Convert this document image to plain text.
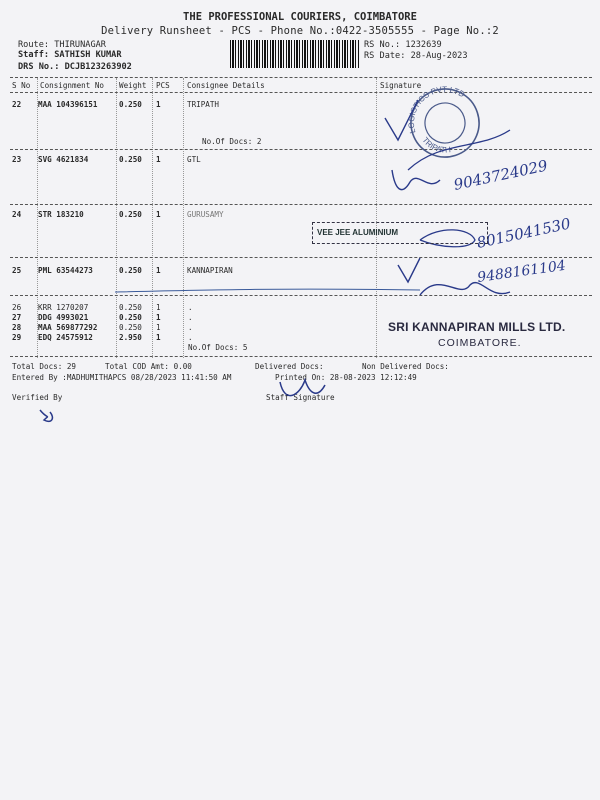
THE PROFESSIONAL COURIERS, COIMBATORE
Delivery Runsheet - PCS - Phone No.:0422-3505555 - Page No.:2
Route: THIRUNAGAR
Staff: SATHISH KUMAR
DRS No.: DCJB123263902
RS No.: 1232639
RS Date: 28-Aug-2023
S No Consignment No Weight PCS Consignee Details	Signature
22 MAA 104396151	0.250 1	TRIPATH
No.Of Docs: 2
23 SVG 4621834	0.250 1	GTL
24 STR 183210	0.250 1	GURUSAMY
25 PML 63544273	0.250 1	KANNAPIRAN
26 KRR 1270207	0.250 1	.
27 DDG 4993021	0.250 1	.
28 MAA 569877292	0.250 1	.
29 EDQ 24575912	2.950 1	.
No.Of Docs: 5
Total Docs: 29	Total COD Amt: 0.00	Delivered Docs:	Non Delivered Docs:
Entered By :MADHUMITHAPCS 08/28/2023 11:41:50 AM	Printed On: 28-08-2023 12:12:49
Verified By	Staff Signature
LOGISTICS PVT LTD
TRIPATH
9043724029
8015041530
9488161104
VEE JEE ALUMINIUM
SRI KANNAPIRAN MILLS LTD.
COIMBATORE.
